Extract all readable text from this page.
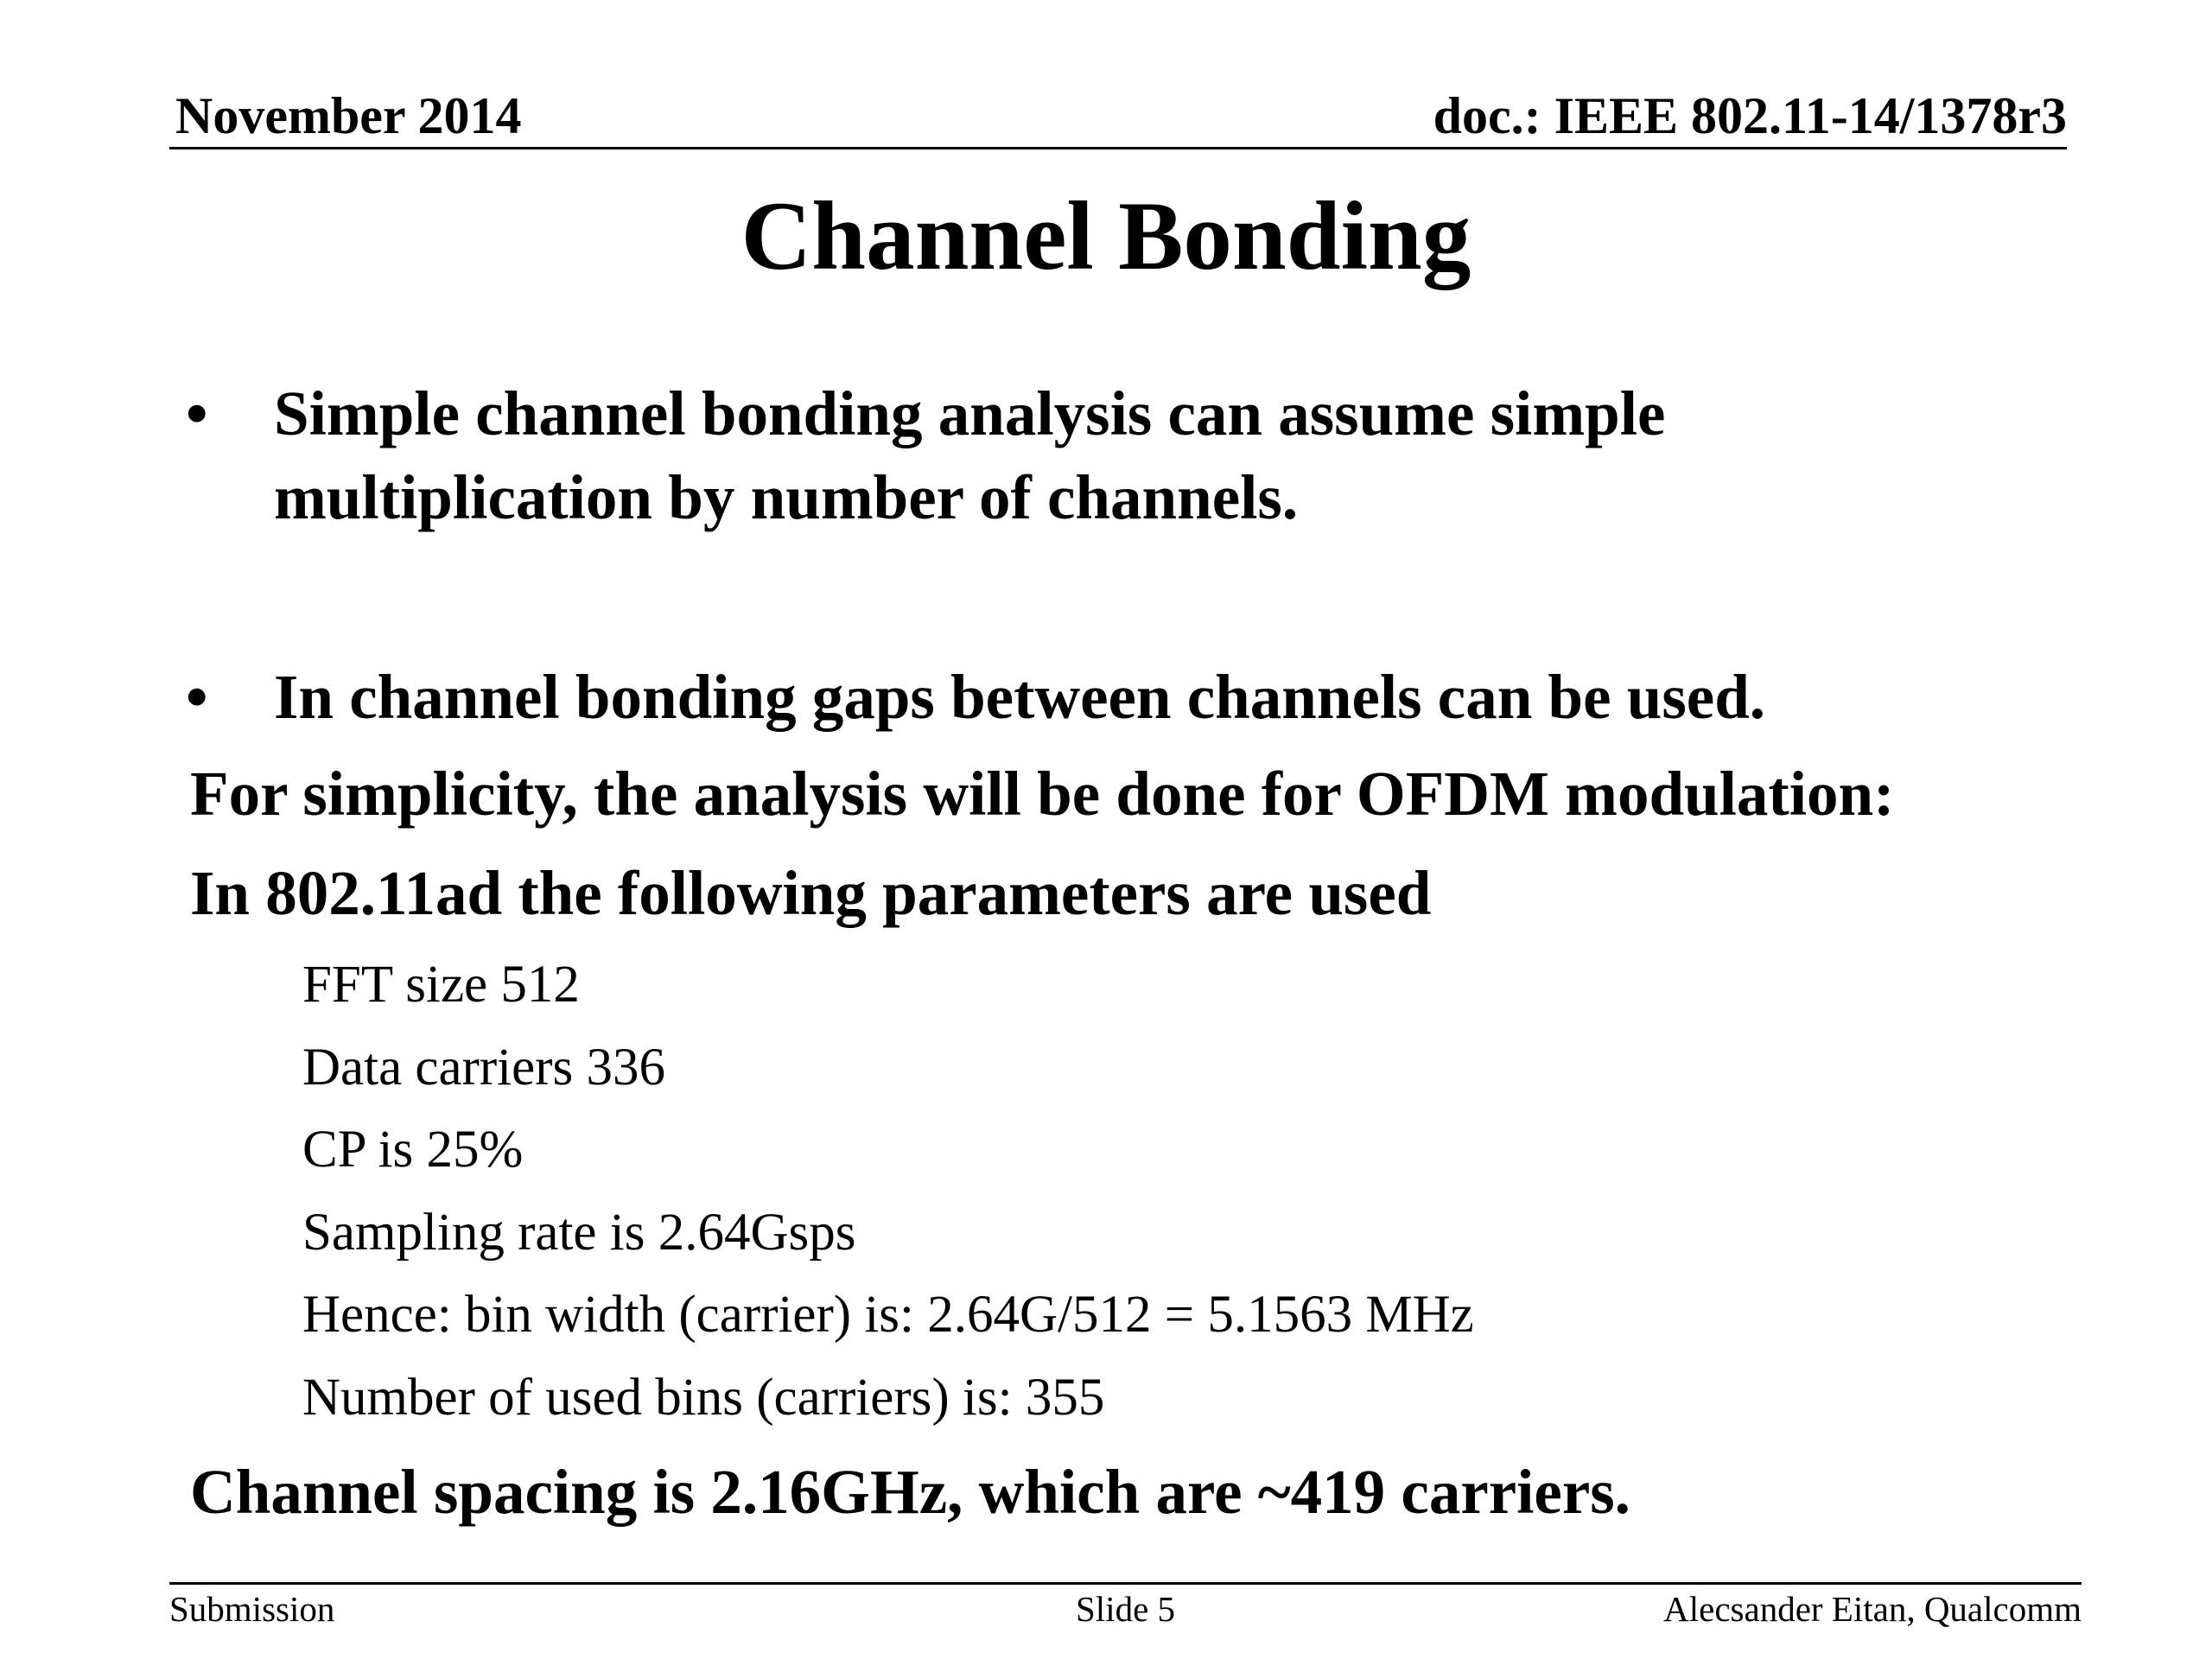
November 2014	doc.: IEEE 802.11-14/1378r3
Channel Bonding
• Simple channel bonding analysis can assume simple multiplication by number of channels.
• In channel bonding gaps between channels can be used.
For simplicity, the analysis will be done for OFDM modulation:
In 802.11ad the following parameters are used
FFT size 512
Data carriers 336
CP is 25%
Sampling rate is 2.64Gsps
Hence: bin width (carrier) is: 2.64G/512 = 5.1563 MHz
Number of used bins (carriers) is: 355
Channel spacing is 2.16GHz, which are ~419 carriers.
Submission	Slide 5	Alecsander Eitan, Qualcomm
